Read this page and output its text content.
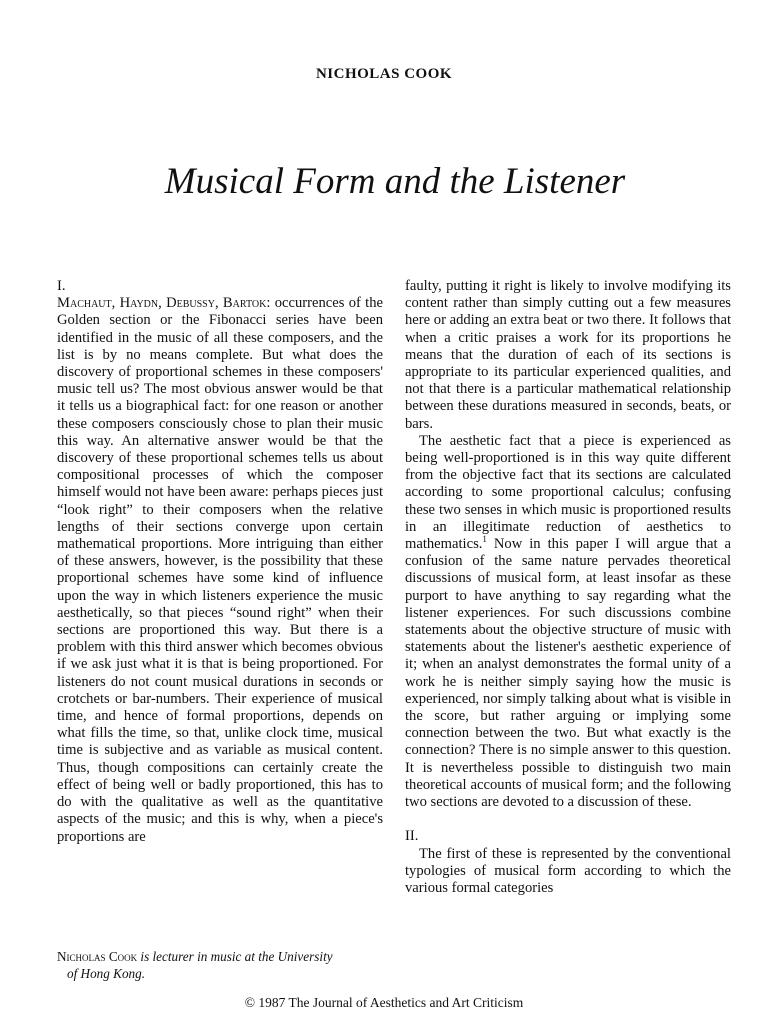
NICHOLAS COOK
Musical Form and the Listener

I.

Machaut, Haydn, Debussy, Bartok: occurrences of the Golden section or the Fibonacci series have been identified in the music of all these composers, and the list is by no means complete. But what does the discovery of proportional schemes in these composers' music tell us? The most obvious answer would be that it tells us a biographical fact: for one reason or another these composers consciously chose to plan their music this way. An alternative answer would be that the discovery of these proportional schemes tells us about compositional processes of which the composer himself would not have been aware: perhaps pieces just “look right” to their composers when the relative lengths of their sections converge upon certain mathematical proportions. More intriguing than either of these answers, however, is the possibility that these proportional schemes have some kind of influence upon the way in which listeners experience the music aesthetically, so that pieces “sound right” when their sections are proportioned this way. But there is a problem with this third answer which becomes obvious if we ask just what it is that is being proportioned. For listeners do not count musical durations in seconds or crotchets or bar-numbers. Their experience of musical time, and hence of formal proportions, depends on what fills the time, so that, unlike clock time, musical time is subjective and as variable as musical content. Thus, though compositions can certainly create the effect of being well or badly proportioned, this has to do with the qualitative as well as the quantitative aspects of the music; and this is why, when a piece's proportions are

faulty, putting it right is likely to involve modifying its content rather than simply cutting out a few measures here or adding an extra beat or two there. It follows that when a critic praises a work for its proportions he means that the duration of each of its sections is appropriate to its particular experienced qualities, and not that there is a particular mathematical relationship between these durations measured in seconds, beats, or bars.

The aesthetic fact that a piece is experienced as being well-proportioned is in this way quite different from the objective fact that its sections are calculated according to some proportional calculus; confusing these two senses in which music is proportioned results in an illegitimate reduction of aesthetics to mathematics.$^1$ Now in this paper I will argue that a confusion of the same nature pervades theoretical discussions of musical form, at least insofar as these purport to have anything to say regarding what the listener experiences. For such discussions combine statements about the objective structure of music with statements about the listener's aesthetic experience of it; when an analyst demonstrates the formal unity of a work he is neither simply saying how the music is experienced, nor simply talking about what is visible in the score, but rather arguing or implying some connection between the two. But what exactly is the connection? There is no simple answer to this question. It is nevertheless possible to distinguish two main theoretical accounts of musical form; and the following two sections are devoted to a discussion of these.

II.

The first of these is represented by the conventional typologies of musical form according to which the various formal categories

Nicholas Cook is lecturer in music at the University
of Hong Kong.
© 1987 The Journal of Aesthetics and Art Criticism
